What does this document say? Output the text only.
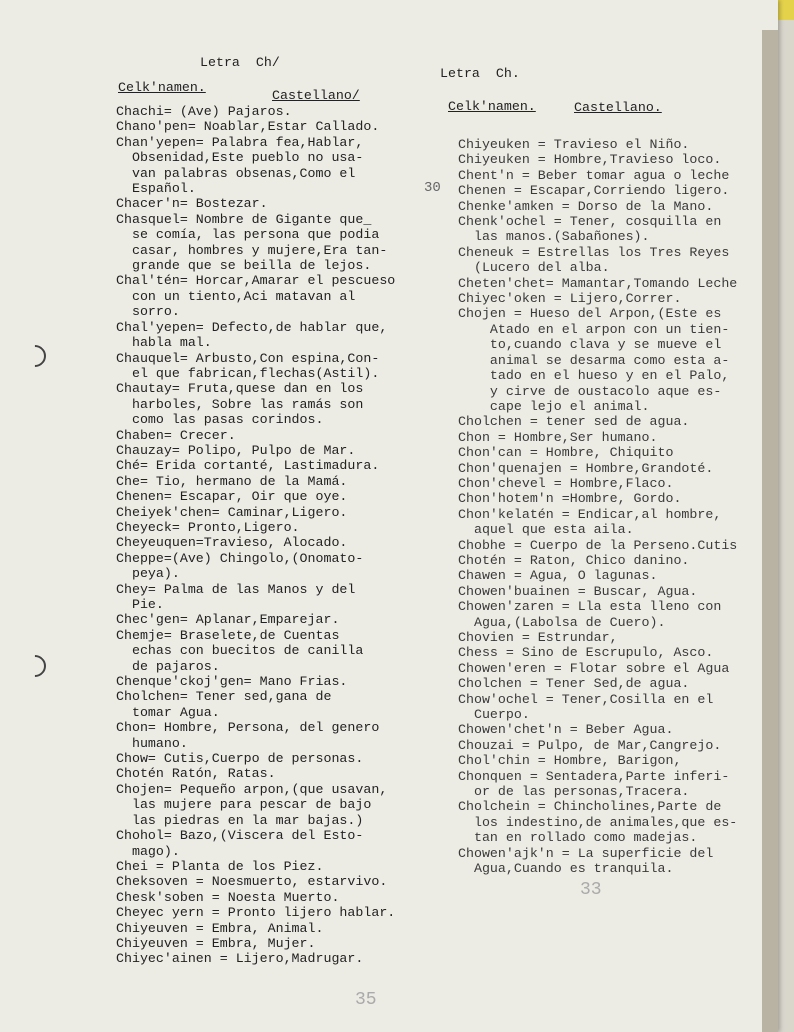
Letra  Ch/
Celk'namen.
Castellano/
Chachi= (Ave) Pajaros.
Chano'pen= Noablar,Estar Callado.
Chan'yepen= Palabra fea,Hablar,
Obsenidad,Este pueblo no usa-
van palabras obsenas,Como el
Español.
Chacer'n= Bostezar.
Chasquel= Nombre de Gigante que_
se comía, las persona que podia
casar, hombres y mujere,Era tan-
grande que se beilla de lejos.
Chal'tén= Horcar,Amarar el pescueso
con un tiento,Aci matavan al
sorro.
Chal'yepen= Defecto,de hablar que,
habla mal.
Chauquel= Arbusto,Con espina,Con-
el que fabrican,flechas(Astil).
Chautay= Fruta,quese dan en los
harboles, Sobre las ramás son
como las pasas corindos.
Chaben= Crecer.
Chauzay= Polipo, Pulpo de Mar.
Ché= Erida cortanté, Lastimadura.
Che= Tio, hermano de la Mamá.
Chenen= Escapar, Oir que oye.
Cheiyek'chen= Caminar,Ligero.
Cheyeck= Pronto,Ligero.
Cheyeuquen=Travieso, Alocado.
Cheppe=(Ave) Chingolo,(Onomato-
peya).
Chey= Palma de las Manos y del
Pie.
Chec'gen= Aplanar,Emparejar.
Chemje= Braselete,de Cuentas
echas con buecitos de canilla
de pajaros.
Chenque'ckoj'gen= Mano Frias.
Cholchen= Tener sed,gana de
tomar Agua.
Chon= Hombre, Persona, del genero
humano.
Chow= Cutis,Cuerpo de personas.
Chotén Ratón, Ratas.
Chojen= Pequeño arpon,(que usavan,
las mujere para pescar de bajo
las piedras en la mar bajas.)
Chohol= Bazo,(Viscera del Esto-
mago).
Chei = Planta de los Piez.
Cheksoven = Noesmuerto, estarvivo.
Chesk'soben = Noesta Muerto.
Cheyec yern = Pronto lijero hablar.
Chiyeuven = Embra, Animal.
Chiyeuven = Embra, Mujer.
Chiyec'ainen = Lijero,Madrugar.
35
Letra  Ch.
Celk'namen.	Castellano.
Chiyeuken = Travieso el Niño.
Chiyeuken = Hombre,Travieso loco.
Chent'n = Beber tomar agua o leche
Chenen = Escapar,Corriendo ligero.
Chenke'amken = Dorso de la Mano.
Chenk'ochel = Tener, cosquilla en
las manos.(Sabañones).
Cheneuk = Estrellas los Tres Reyes
(Lucero del alba.
Cheten'chet= Mamantar,Tomando Leche
Chiyec'oken = Lijero,Correr.
Chojen = Hueso del Arpon,(Este es
Atado en el arpon con un tien-
to,cuando clava y se mueve el
animal se desarma como esta a-
tado en el hueso y en el Palo,
y cirve de oustacolo aque es-
cape lejo el animal.
Cholchen = tener sed de agua.
Chon = Hombre,Ser humano.
Chon'can = Hombre, Chiquito
Chon'quenajen = Hombre,Grandoté.
Chon'chevel = Hombre,Flaco.
Chon'hotem'n =Hombre, Gordo.
Chon'kelatén = Endicar,al hombre,
aquel que esta aila.
Chobhe = Cuerpo de la Perseno.Cutis
Chotén = Raton, Chico danino.
Chawen = Agua, O lagunas.
Chowen'buainen = Buscar, Agua.
Chowen'zaren = Lla esta lleno con
Agua,(Labolsa de Cuero).
Chovien = Estrundar,
Chess = Sino de Escrupulo, Asco.
Chowen'eren = Flotar sobre el Agua
Cholchen = Tener Sed,de agua.
Chow'ochel = Tener,Cosilla en el
Cuerpo.
Chowen'chet'n = Beber Agua.
Chouzai = Pulpo, de Mar,Cangrejo.
Chol'chin = Hombre, Barigon,
Chonquen = Sentadera,Parte inferi-
or de las personas,Tracera.
Cholchein = Chincholines,Parte de
los indestino,de animales,que es-
tan en rollado como madejas.
Chowen'ajk'n = La superficie del
Agua,Cuando es tranquila.
33
30
